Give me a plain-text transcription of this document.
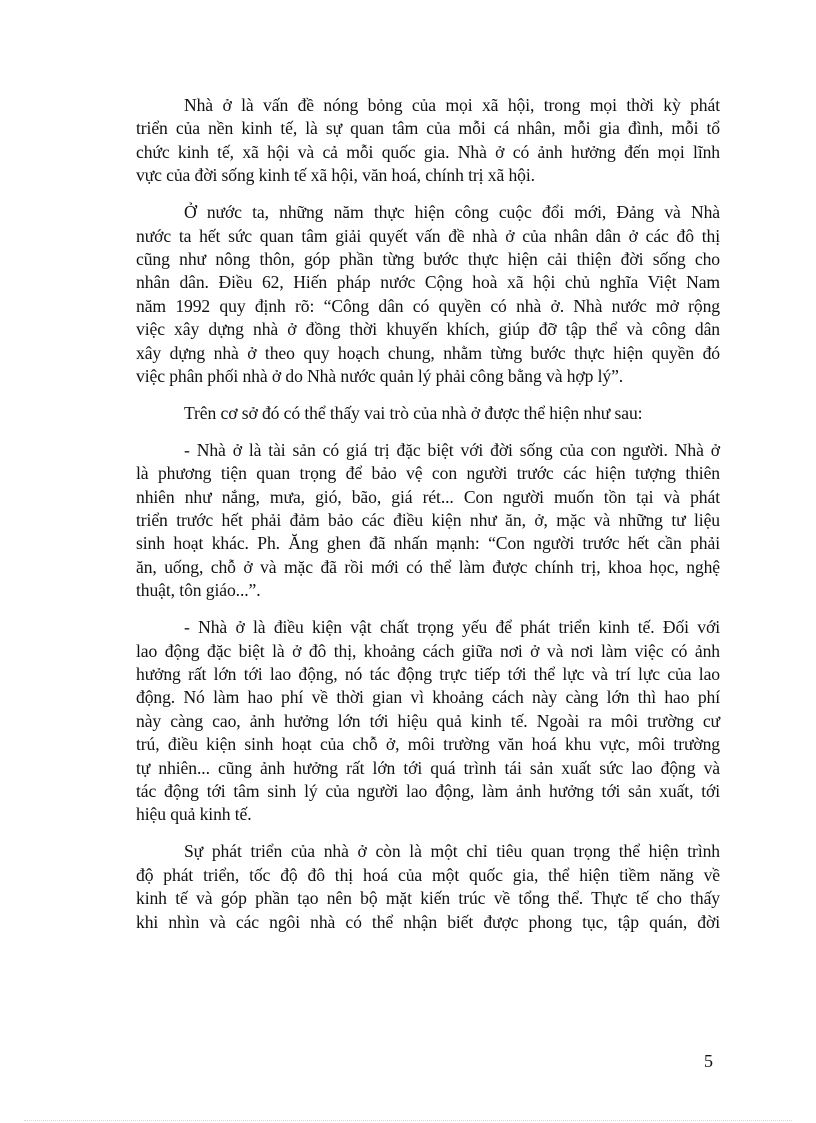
Nhà ở là vấn đề nóng bỏng của mọi xã hội, trong mọi thời kỳ phát
triển của nền kinh tế, là sự quan tâm của mỗi cá nhân, mỗi gia đình, mỗi tổ
chức kinh tế, xã hội và cả mỗi quốc gia. Nhà ở có ảnh hưởng đến mọi lĩnh
vực của đời sống kinh tế xã hội, văn hoá, chính trị xã hội.

Ở nước ta, những năm thực hiện công cuộc đổi mới, Đảng và Nhà
nước ta hết sức quan tâm giải quyết vấn đề nhà ở của nhân dân ở các đô thị
cũng như nông thôn, góp phần từng bước thực hiện cải thiện đời sống cho
nhân dân. Điều 62, Hiến pháp nước Cộng hoà xã hội chủ nghĩa Việt Nam
năm 1992 quy định rõ: “Công dân có quyền có nhà ở. Nhà nước mở rộng
việc xây dựng nhà ở đồng thời khuyến khích, giúp đỡ tập thể và công dân
xây dựng nhà ở theo quy hoạch chung, nhằm từng bước thực hiện quyền đó
việc phân phối nhà ở do Nhà nước quản lý phải công bằng và hợp lý”.

Trên cơ sở đó có thể thấy vai trò của nhà ở được thể hiện như sau:

- Nhà ở là tài sản có giá trị đặc biệt với đời sống của con người. Nhà ở
là phương tiện quan trọng để bảo vệ con người trước các hiện tượng thiên
nhiên như nắng, mưa, gió, bão, giá rét... Con người muốn tồn tại và phát
triển trước hết phải đảm bảo các điều kiện như ăn, ở, mặc và những tư liệu
sinh hoạt khác. Ph. Ăng ghen đã nhấn mạnh: “Con người trước hết cần phải
ăn, uống, chỗ ở và mặc đã rồi mới có thể làm được chính trị, khoa học, nghệ
thuật, tôn giáo...”.

- Nhà ở là điều kiện vật chất trọng yếu để phát triển kinh tế. Đối với
lao động đặc biệt là ở đô thị, khoảng cách giữa nơi ở và nơi làm việc có ảnh
hưởng rất lớn tới lao động, nó tác động trực tiếp tới thể lực và trí lực của lao
động. Nó làm hao phí về thời gian vì khoảng cách này càng lớn thì hao phí
này càng cao, ảnh hưởng lớn tới hiệu quả kinh tế. Ngoài ra môi trường cư
trú, điều kiện sinh hoạt của chỗ ở, môi trường văn hoá khu vực, môi trường
tự nhiên... cũng ảnh hưởng rất lớn tới quá trình tái sản xuất sức lao động và
tác động tới tâm sinh lý của người lao động, làm ảnh hưởng tới sản xuất, tới
hiệu quả kinh tế.

Sự phát triển của nhà ở còn là một chỉ tiêu quan trọng thể hiện trình
độ phát triển, tốc độ đô thị hoá của một quốc gia, thể hiện tiềm năng về
kinh tế và góp phần tạo nên bộ mặt kiến trúc về tổng thể. Thực tế cho thấy
khi nhìn và các ngôi nhà có thể nhận biết được phong tục, tập quán, đời

5
